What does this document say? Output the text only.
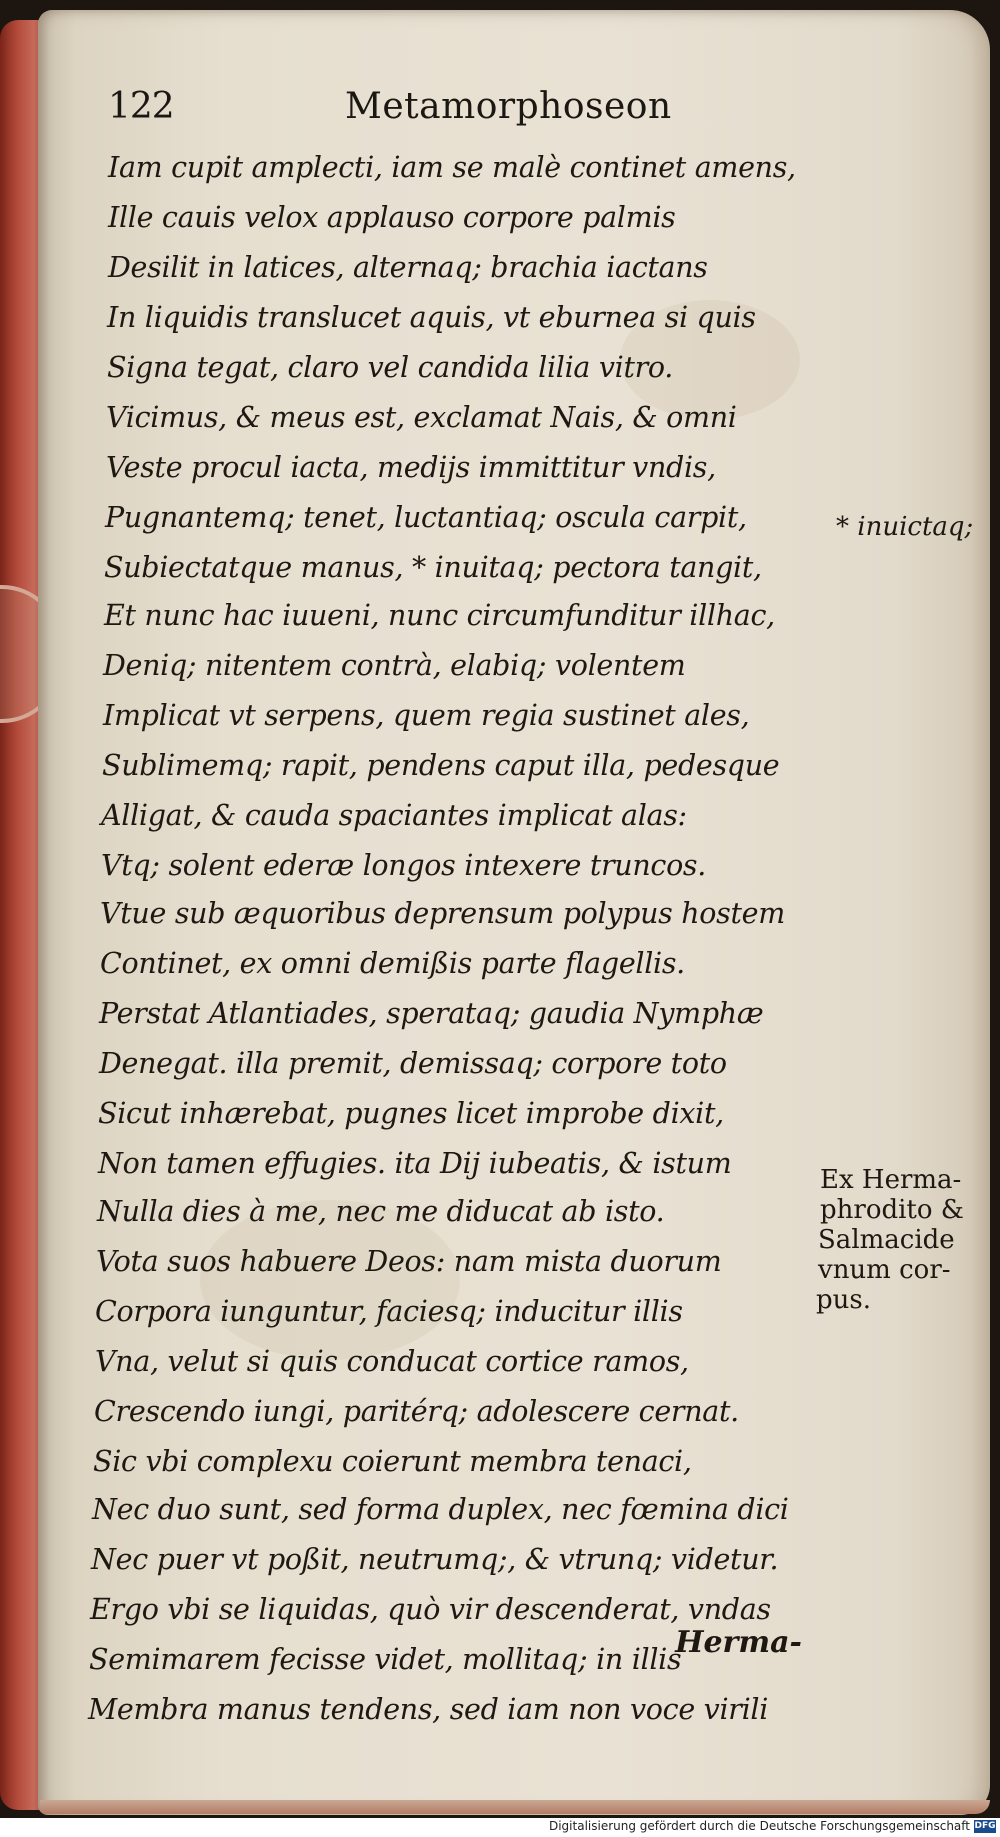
122	Metamorphoseon
Iam cupit amplecti, iam se malè continet amens,
Ille cauis velox applauso corpore palmis
Desilit in latices, alternaq; brachia iactans
In liquidis translucet aquis, vt eburnea si quis
Signa tegat, claro vel candida lilia vitro.
Vicimus, & meus est, exclamat Nais, & omni
Veste procul iacta, medijs immittitur vndis,
Pugnantemq; tenet, luctantiaq; oscula carpit,
Subiectatque manus, * inuitaq; pectora tangit,
Et nunc hac iuueni, nunc circumfunditur illhac,
Deniq; nitentem contrà, elabiq; volentem
Implicat vt serpens, quem regia sustinet ales,
Sublimemq; rapit, pendens caput illa, pedesque
Alligat, & cauda spaciantes implicat alas:
Vtq; solent ederæ longos intexere truncos.
Vtue sub æquoribus deprensum polypus hostem
Continet, ex omni demißis parte flagellis.
Perstat Atlantiades, sperataq; gaudia Nymphæ
Denegat. illa premit, demissaq; corpore toto
Sicut inhærebat, pugnes licet improbe dixit,
Non tamen effugies. ita Dij iubeatis, & istum
Nulla dies à me, nec me diducat ab isto.
Vota suos habuere Deos: nam mista duorum
Corpora iunguntur, faciesq; inducitur illis
Vna, velut si quis conducat cortice ramos,
Crescendo iungi, paritérq; adolescere cernat.
Sic vbi complexu coierunt membra tenaci,
Nec duo sunt, sed forma duplex, nec fœmina dici
Nec puer vt poßit, neutrumq;, & vtrunq; videtur.
Ergo vbi se liquidas, quò vir descenderat, vndas
Semimarem fecisse videt, mollitaq; in illis
Membra manus tendens, sed iam non voce virili
* inuictaq;
Ex Herma-
phrodito &
Salmacide
vnum cor-
pus.
Herma-
Digitalisierung gefördert durch die Deutsche Forschungsgemeinschaft DFG
